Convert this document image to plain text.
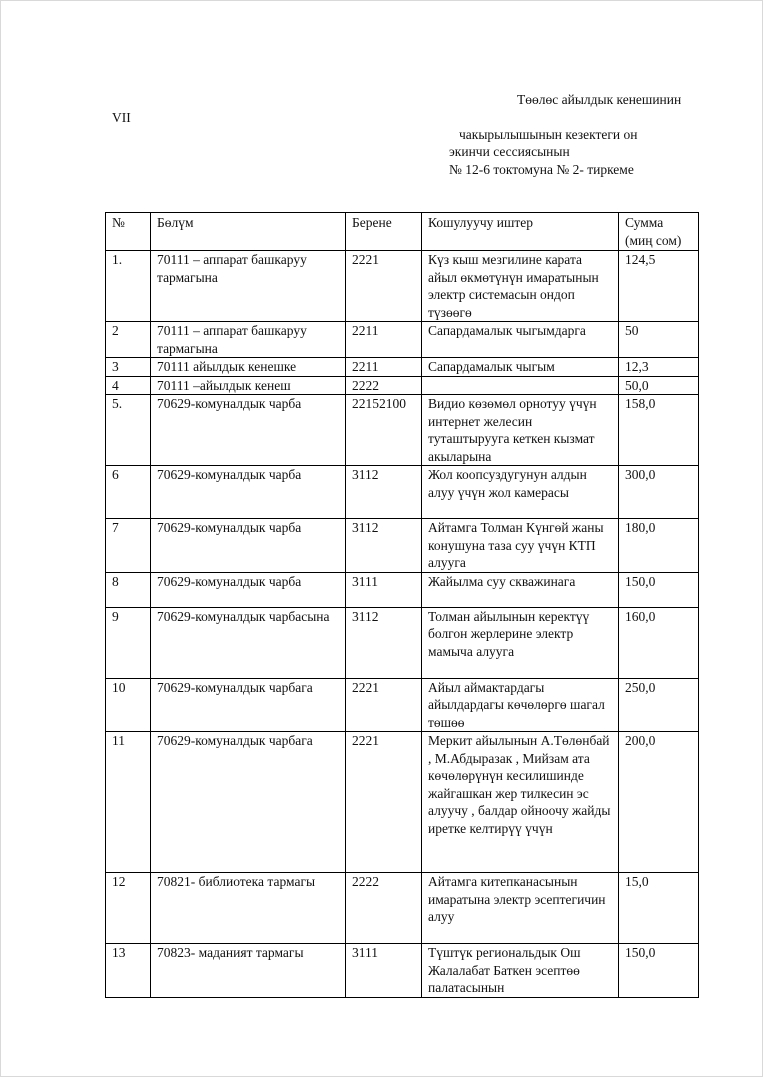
Төөлөс айылдык кенешинин
VII
чакырылышынын кезектеги он
экинчи сессиясынын
№ 12-6 токтомуна № 2- тиркеме
№	Бөлүм	Берене	Кошулуучу иштер	Сумма
(миң сом)

1.	70111 – аппарат башкаруу тармагына	2221	Күз кыш мезгилине карата айыл өкмөтүнүн имаратынын электр системасын ондоп түзөөгө	124,5
2	70111 – аппарат башкаруу тармагына	2211	Сапардамалык чыгымдарга	50
3	70111 айылдык кенешке	2211	Сапардамалык чыгым	12,3
4	70111 –айылдык кенеш	2222		50,0
5.	70629-комуналдык чарба	22152100	Видио көзөмөл орнотуу үчүн интернет желесин туташтырууга кеткен кызмат акыларына	158,0
6	70629-комуналдык чарба	3112	Жол коопсуздугунун алдын алуу үчүн жол камерасы	300,0
7	70629-комуналдык чарба	3112	Айтамга Толман Күнгөй жаны конушуна таза суу үчүн КТП алууга	180,0
8	70629-комуналдык чарба	3111	Жайылма суу скважинага	150,0
9	70629-комуналдык чарбасына	3112	Толман айылынын керектүү болгон жерлерине электр мамыча алууга	160,0
10	70629-комуналдык чарбага	2221	Айыл аймактардагы айылдардагы көчөлөргө шагал төшөө	250,0
11	70629-комуналдык чарбага	2221	Меркит айылынын А.Төлөнбай , М.Абдыразак , Мийзам ата көчөлөрүнүн кесилишинде жайгашкан жер тилкесин эс алуучу , балдар ойноочу жайды иретке келтирүү үчүн	200,0
12	70821- библиотека тармагы	2222	Айтамга китепканасынын имаратына электр эсептегичин алуу	15,0
13	70823- маданият тармагы	3111	Түштүк региональдык Ош Жалалабат Баткен эсептөө палатасынын	150,0
